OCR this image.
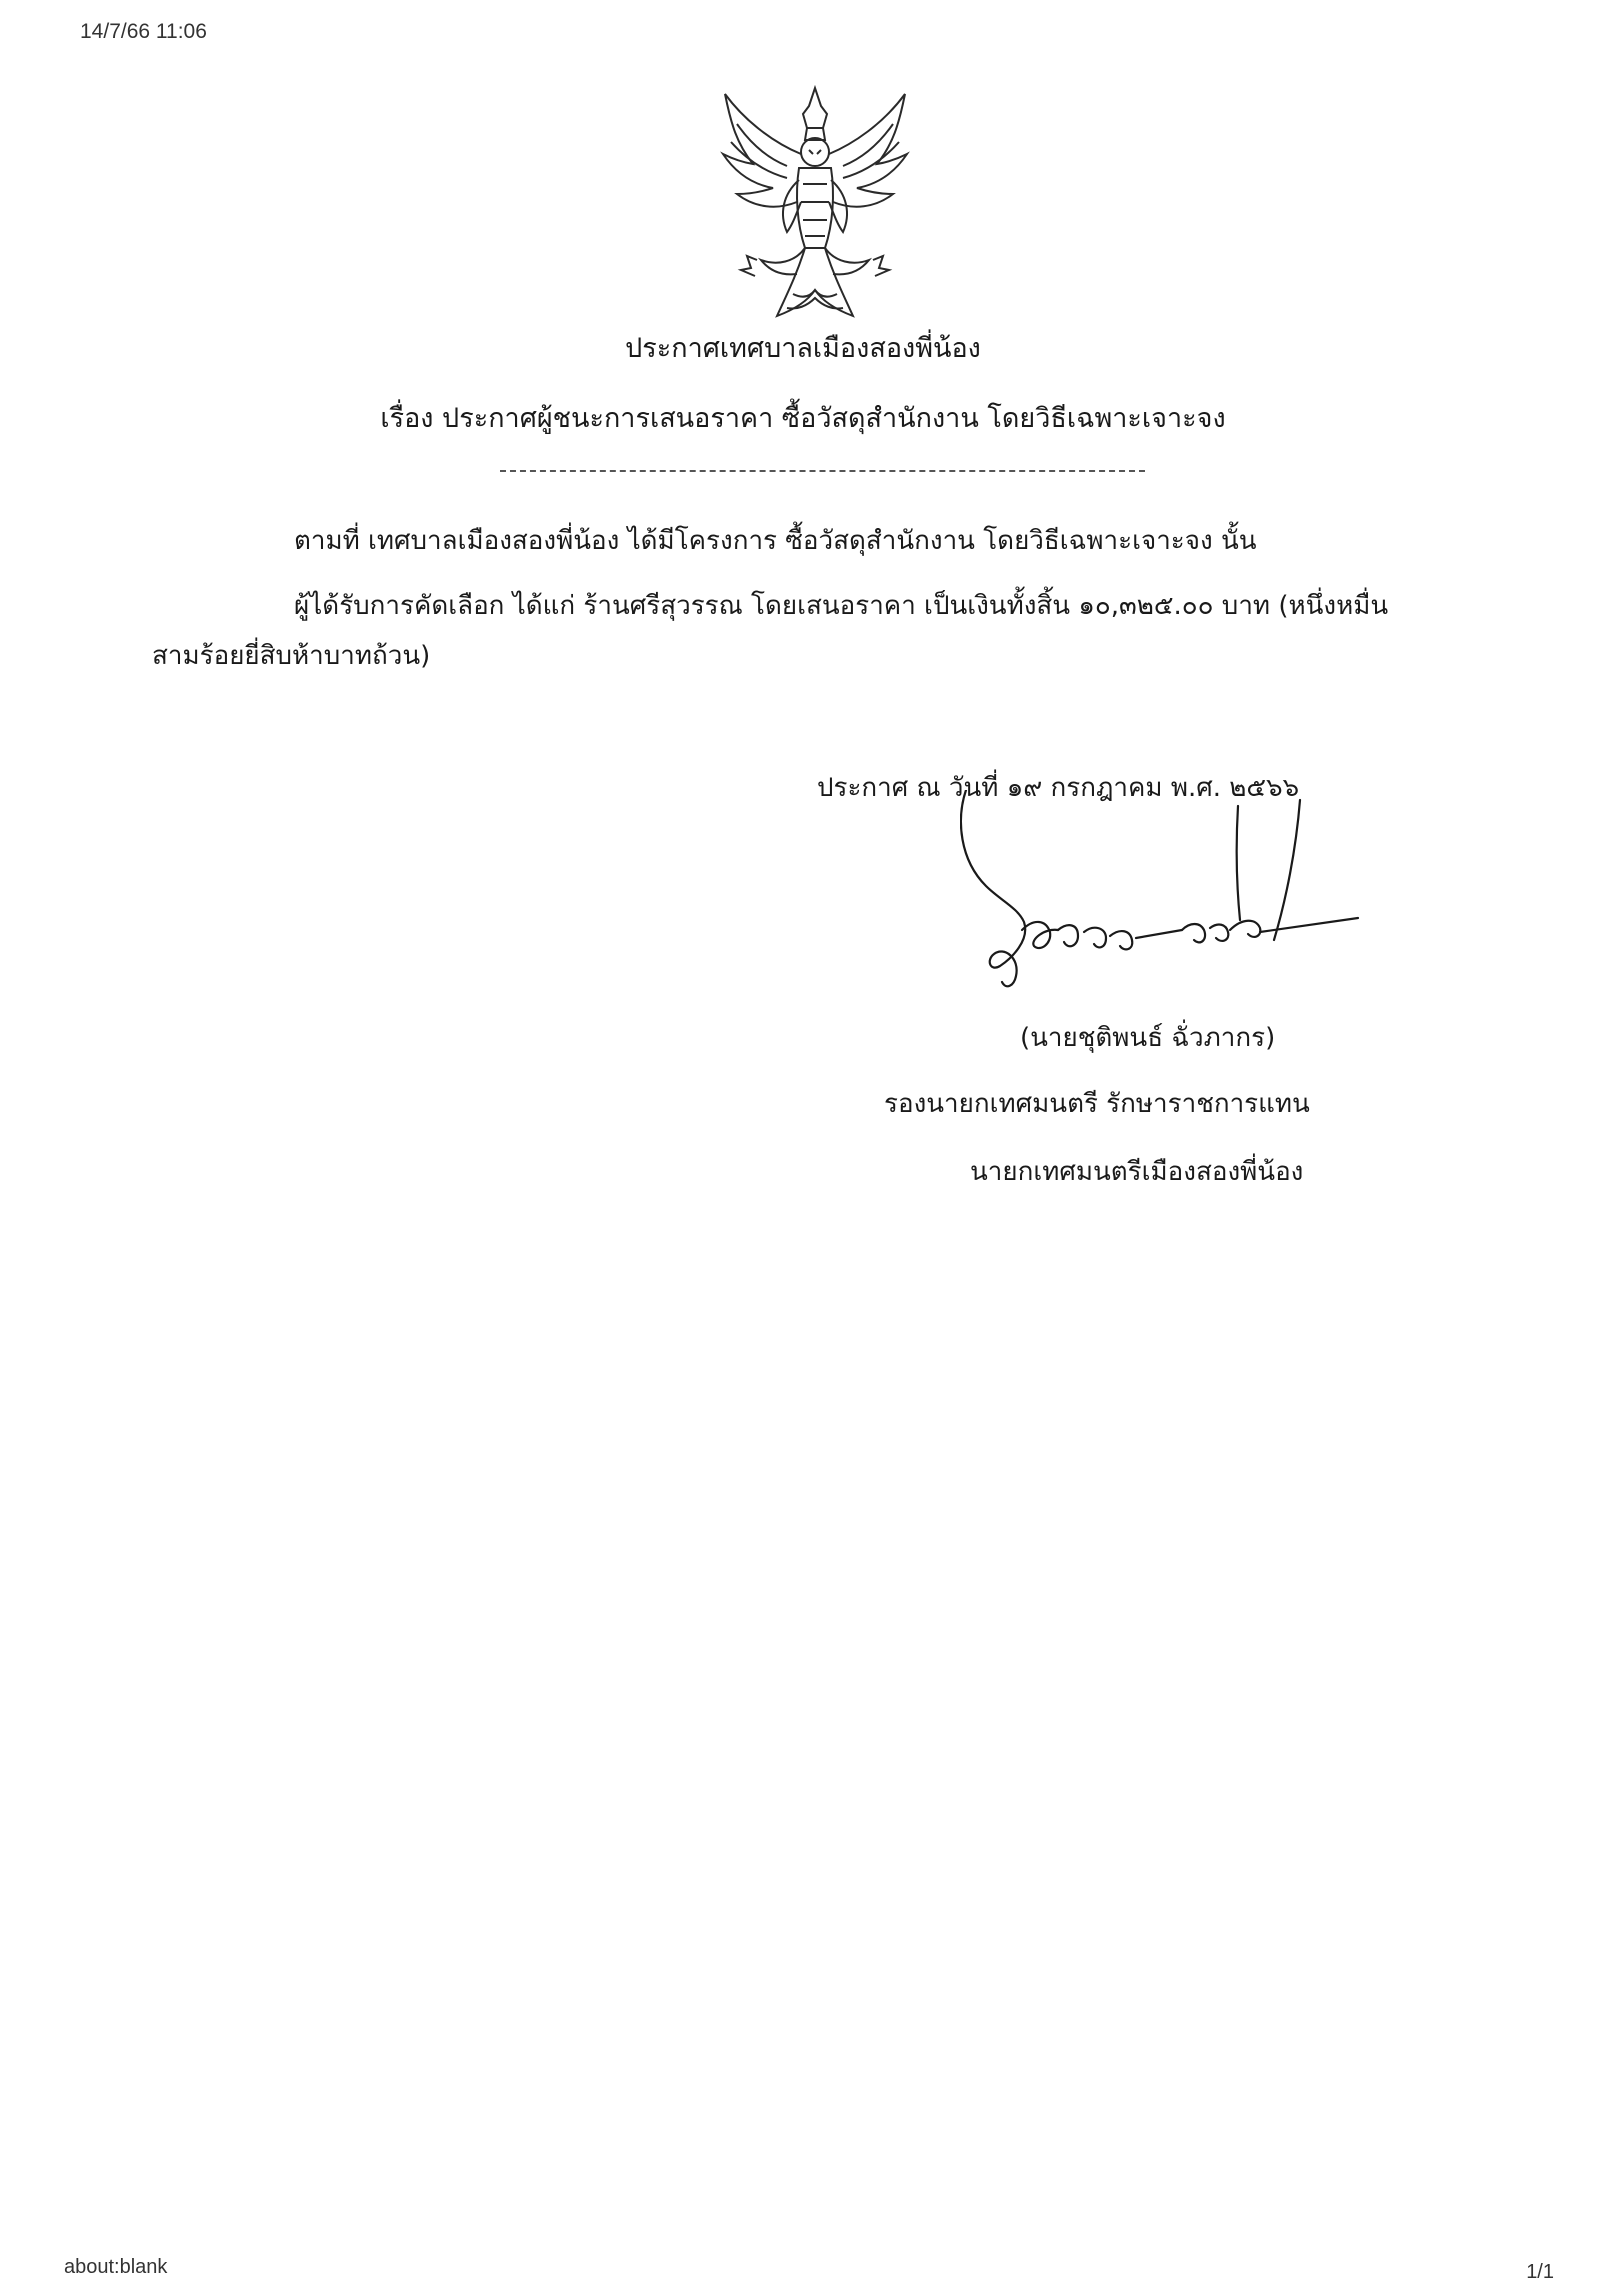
14/7/66 11:06
ประกาศเทศบาลเมืองสองพี่น้อง
เรื่อง ประกาศผู้ชนะการเสนอราคา ซื้อวัสดุสำนักงาน โดยวิธีเฉพาะเจาะจง
ตามที่ เทศบาลเมืองสองพี่น้อง ได้มีโครงการ ซื้อวัสดุสำนักงาน โดยวิธีเฉพาะเจาะจง นั้น
ผู้ได้รับการคัดเลือก ได้แก่ ร้านศรีสุวรรณ โดยเสนอราคา เป็นเงินทั้งสิ้น ๑๐,๓๒๕.๐๐ บาท (หนึ่งหมื่น
สามร้อยยี่สิบห้าบาทถ้วน)
ประกาศ ณ วันที่ ๑๙ กรกฎาคม พ.ศ. ๒๕๖๖
(นายชุติพนธ์ ฉั่วภากร)
รองนายกเทศมนตรี รักษาราชการแทน
นายกเทศมนตรีเมืองสองพี่น้อง
about:blank	1/1
